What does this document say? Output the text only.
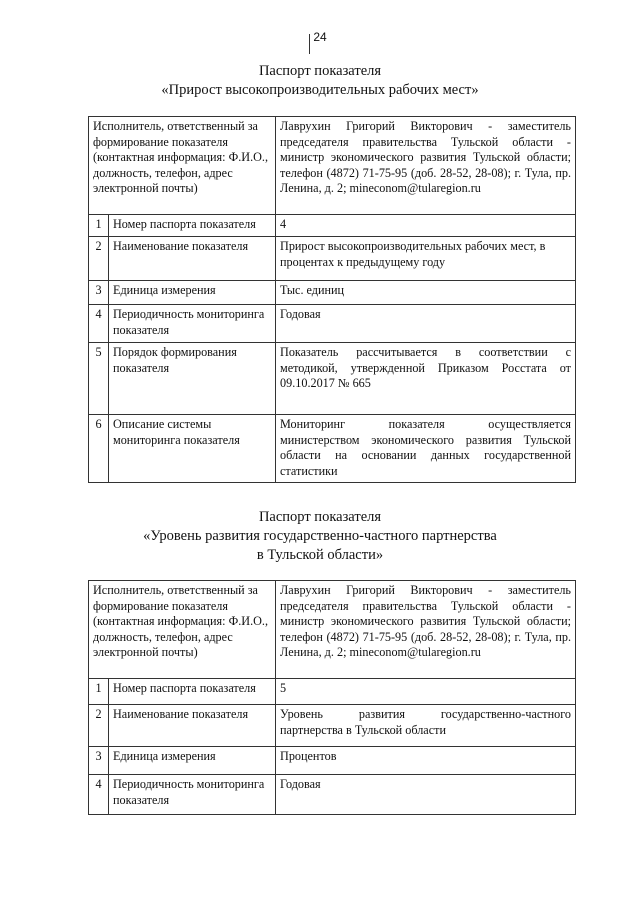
24
Паспорт показателя
«Прирост высокопроизводительных рабочих мест»
Исполнитель, ответственный за формирование показателя (контактная информация: Ф.И.О., должность, телефон, адрес электронной почты)		Лаврухин Григорий Викторович - заместитель председателя правительства Тульской области - министр экономического развития Тульской области; телефон (4872) 71-75-95 (доб. 28-52, 28-08); г. Тула, пр. Ленина, д. 2; mineconom@tularegion.ru
1	Номер паспорта показателя	4
2	Наименование показателя	Прирост высокопроизводительных рабочих мест, в процентах к предыдущему году
3	Единица измерения	Тыс. единиц
4	Периодичность мониторинга показателя	Годовая
5	Порядок формирования показателя	Показатель рассчитывается в соответствии с методикой, утвержденной Приказом Росстата от 09.10.2017 № 665
6	Описание системы мониторинга показателя	Мониторинг показателя осуществляется министерством экономического развития Тульской области на основании данных государственной статистики
Паспорт показателя
«Уровень развития государственно-частного партнерства
в Тульской области»
Исполнитель, ответственный за формирование показателя (контактная информация: Ф.И.О., должность, телефон, адрес электронной почты)		Лаврухин Григорий Викторович - заместитель председателя правительства Тульской области - министр экономического развития Тульской области; телефон (4872) 71-75-95 (доб. 28-52, 28-08); г. Тула, пр. Ленина, д. 2; mineconom@tularegion.ru
1	Номер паспорта показателя	5
2	Наименование показателя	Уровень развития государственно-частного партнерства в Тульской области
3	Единица измерения	Процентов
4	Периодичность мониторинга показателя	Годовая
